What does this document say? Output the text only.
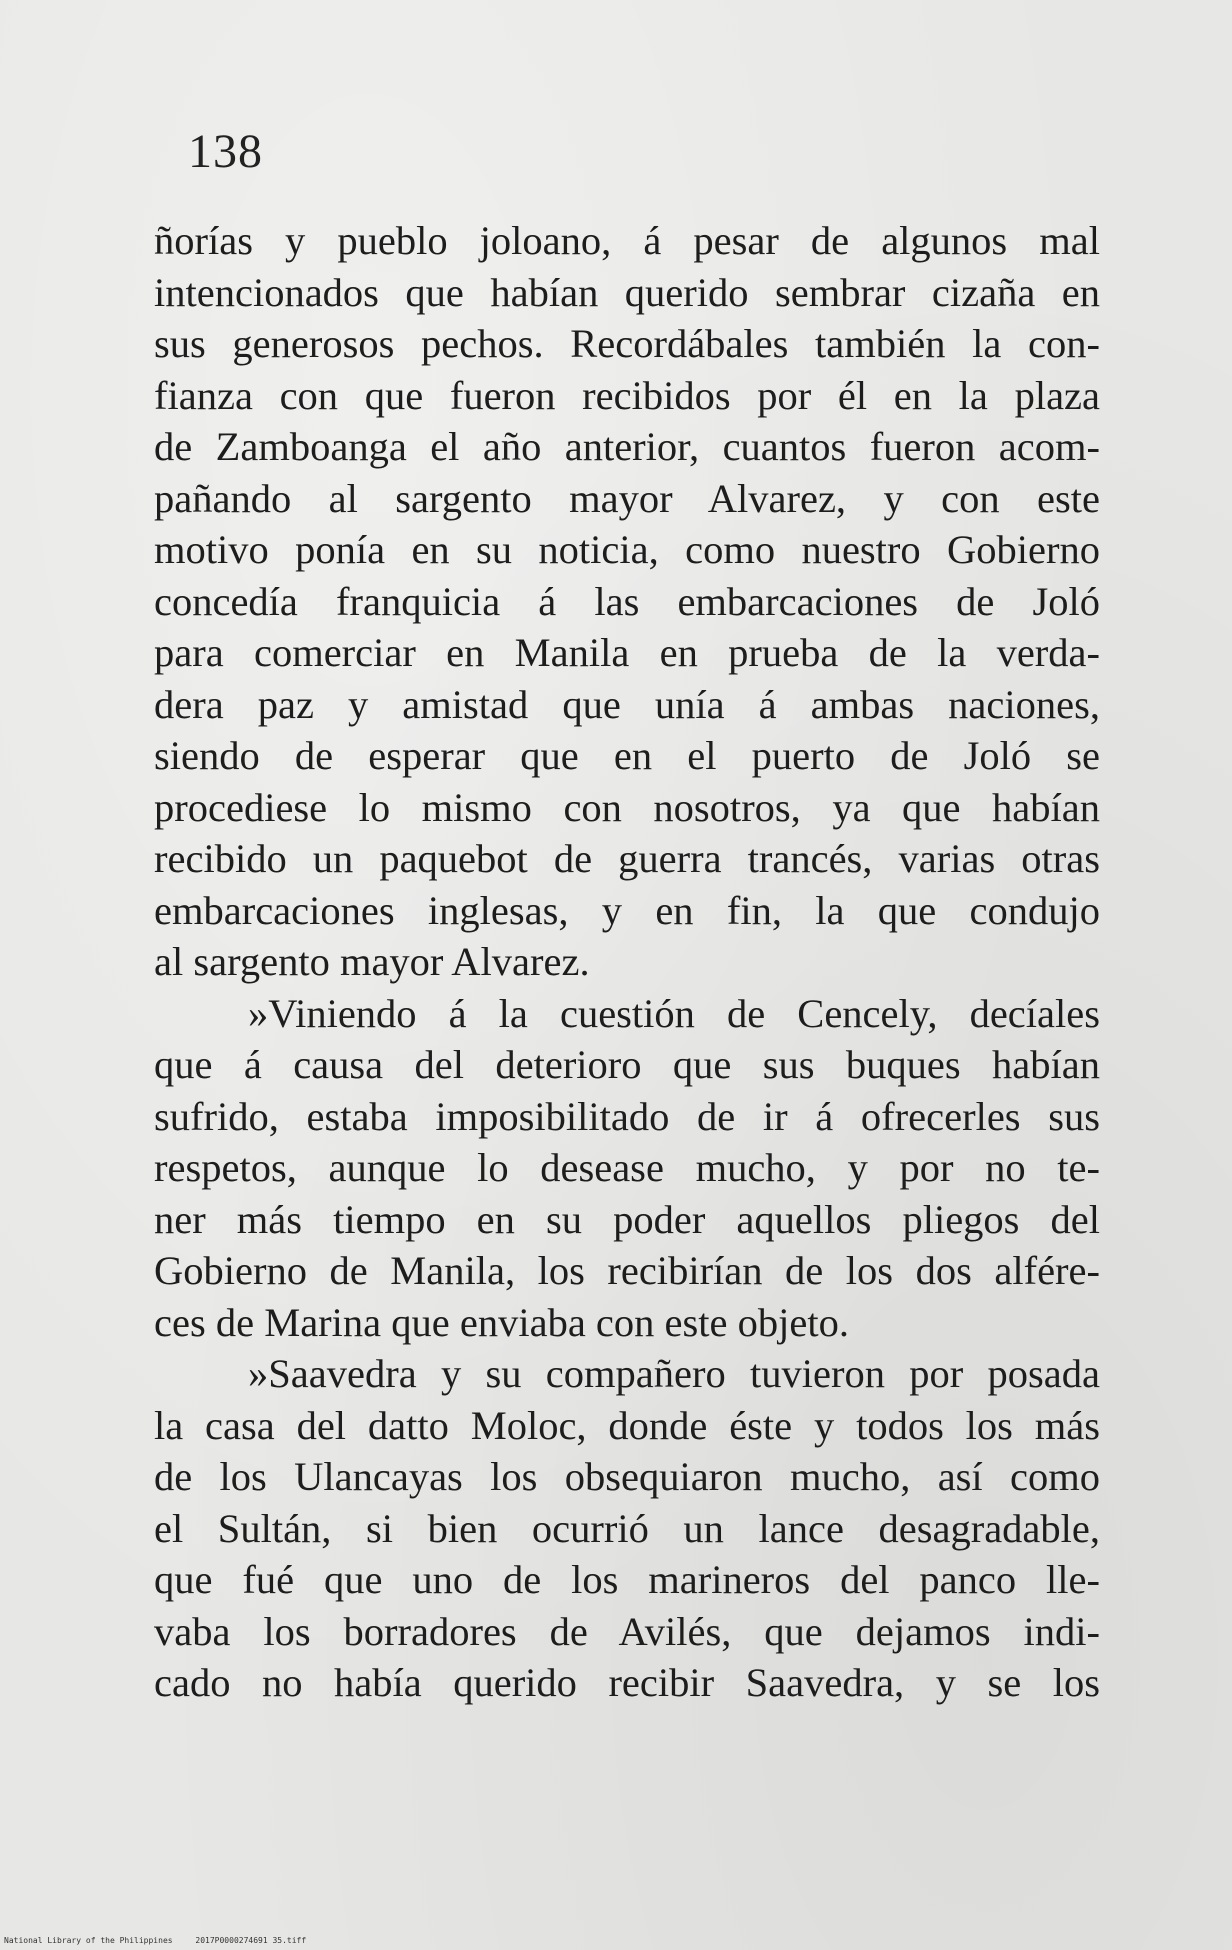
138
ñorías y pueblo joloano, á pesar de algunos mal
intencionados que habían querido sembrar cizaña en
sus generosos pechos. Recordábales también la con-
fianza con que fueron recibidos por él en la plaza
de Zamboanga el año anterior, cuantos fueron acom-
pañando al sargento mayor Alvarez, y con este
motivo ponía en su noticia, como nuestro Gobierno
concedía franquicia á las embarcaciones de Joló
para comerciar en Manila en prueba de la verda-
dera paz y amistad que unía á ambas naciones,
siendo de esperar que en el puerto de Joló se
procediese lo mismo con nosotros, ya que habían
recibido un paquebot de guerra trancés, varias otras
embarcaciones inglesas, y en fin, la que condujo
al sargento mayor Alvarez.
»Viniendo á la cuestión de Cencely, decíales
que á causa del deterioro que sus buques habían
sufrido, estaba imposibilitado de ir á ofrecerles sus
respetos, aunque lo desease mucho, y por no te-
ner más tiempo en su poder aquellos pliegos del
Gobierno de Manila, los recibirían de los dos alfére-
ces de Marina que enviaba con este objeto.
»Saavedra y su compañero tuvieron por posada
la casa del datto Moloc, donde éste y todos los más
de los Ulancayas los obsequiaron mucho, así como
el Sultán, si bien ocurrió un lance desagradable,
que fué que uno de los marineros del panco lle-
vaba los borradores de Avilés, que dejamos indi-
cado no había querido recibir Saavedra, y se los
National Library of the Philippines	2017P0000274691 35.tiff
